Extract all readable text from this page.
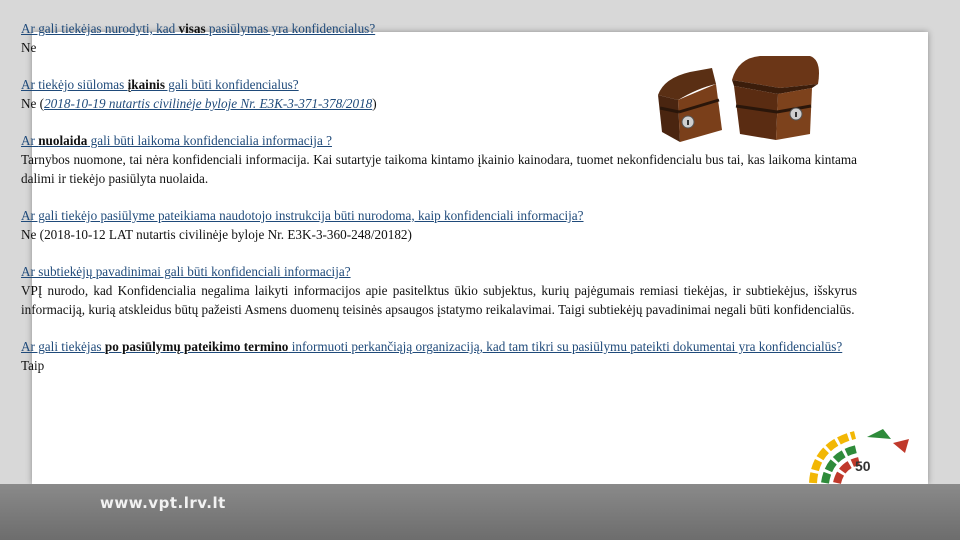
Ar gali tiekėjas nurodyti, kad visas pasiūlymas yra konfidencialus?
Ne
Ar tiekėjo siūlomas įkainis gali būti konfidencialus?
Ne (2018-10-19 nutartis civilinėje byloje Nr. E3K-3-371-378/2018)
Ar nuolaida gali būti laikoma konfidencialia informacija ?
Tarnybos nuomone, tai nėra konfidenciali informacija. Kai sutartyje taikoma kintamo įkainio kainodara, tuomet nekonfidencialu bus tai, kas laikoma kintama dalimi ir tiekėjo pasiūlyta nuolaida.
Ar gali tiekėjo pasiūlyme pateikiama naudotojo instrukcija būti nurodoma, kaip konfidenciali informacija?
Ne (2018-10-12 LAT nutartis civilinėje byloje Nr. E3K-3-360-248/20182)
Ar subtiekėjų pavadinimai gali būti konfidenciali informacija?
VPĮ nurodo, kad Konfidencialia negalima laikyti informacijos apie pasitelktus ūkio subjektus, kurių pajėgumais remiasi tiekėjas, ir subtiekėjus, išskyrus informaciją, kurią atskleidus būtų pažeisti Asmens duomenų teisinės apsaugos įstatymo reikalavimai. Taigi subtiekėjų pavadinimai negali būti konfidencialūs.
Ar gali tiekėjas po pasiūlymų pateikimo termino informuoti perkančiąją organizaciją, kad tam tikri su pasiūlymu pateikti dokumentai yra konfidencialūs?
Taip
50
www.vpt.lrv.lt
